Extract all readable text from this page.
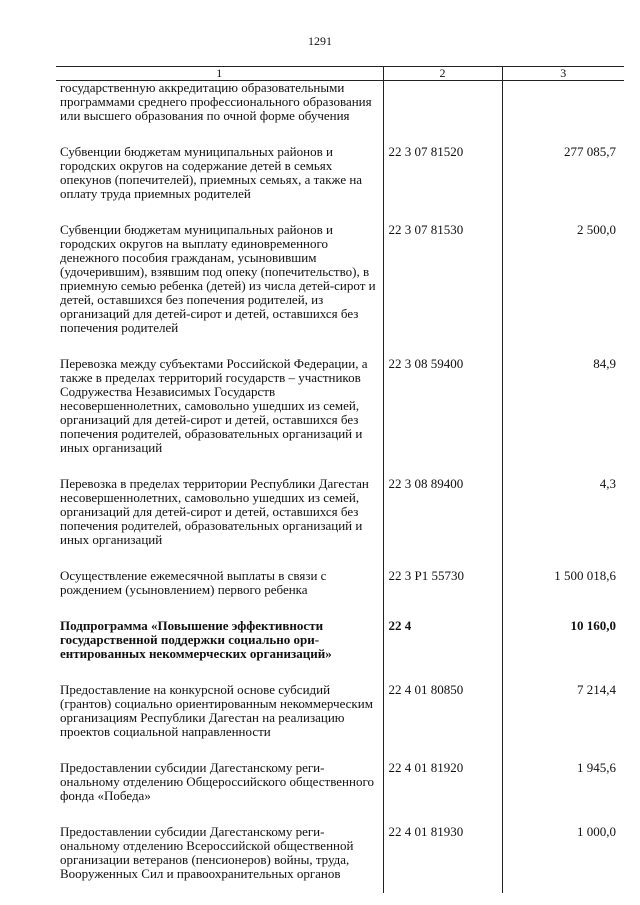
1291
1	2	3
государственную аккредитацию образовательными программами среднего профессионального образования или высшего образования по очной форме обучения		
Субвенции бюджетам муниципальных районов и городских округов на содержание детей в семьях опекунов (попечителей), приемных семьях, а также на оплату труда приемных родителей	22 3 07 81520	277 085,7
Субвенции бюджетам муниципальных районов и городских округов на выплату единовременного денежного пособия гражданам, усыновившим (удочерившим), взявшим под опеку (попечительство), в приемную семью ребенка (детей) из числа детей-сирот и детей, оставшихся без попечения родителей, из организаций для детей-сирот и детей, оставшихся без попечения родителей	22 3 07 81530	2 500,0
Перевозка между субъектами Российской Федерации, а также в пределах территорий государств – участников Содружества Независимых Государств несовершеннолетних, самовольно ушедших из семей, организаций для детей-сирот и детей, оставшихся без попечения родителей, образовательных организаций и иных организаций	22 3 08 59400	84,9
Перевозка в пределах территории Республики Дагестан несовершеннолетних, самовольно ушедших из семей, организаций для детей-сирот и детей, оставшихся без попечения родителей, образовательных организаций и иных организаций	22 3 08 89400	4,3
Осуществление ежемесячной выплаты в связи с рождением (усыновлением) первого ребенка	22 3 Р1 55730	1 500 018,6
Подпрограмма «Повышение эффективности государственной поддержки социально ориентированных некоммерческих организаций»	22 4	10 160,0
Предоставление на конкурсной основе субсидий (грантов) социально ориентированным некоммерческим организациям Республики Дагестан на реализацию проектов социальной направленности	22 4 01 80850	7 214,4
Предоставлении субсидии Дагестанскому региональному отделению Общероссийского общественного фонда «Победа»	22 4 01 81920	1 945,6
Предоставлении субсидии Дагестанскому региональному отделению Всероссийской общественной организации ветеранов (пенсионеров) войны, труда, Вооруженных Сил и правоохранительных органов	22 4 01 81930	1 000,0
